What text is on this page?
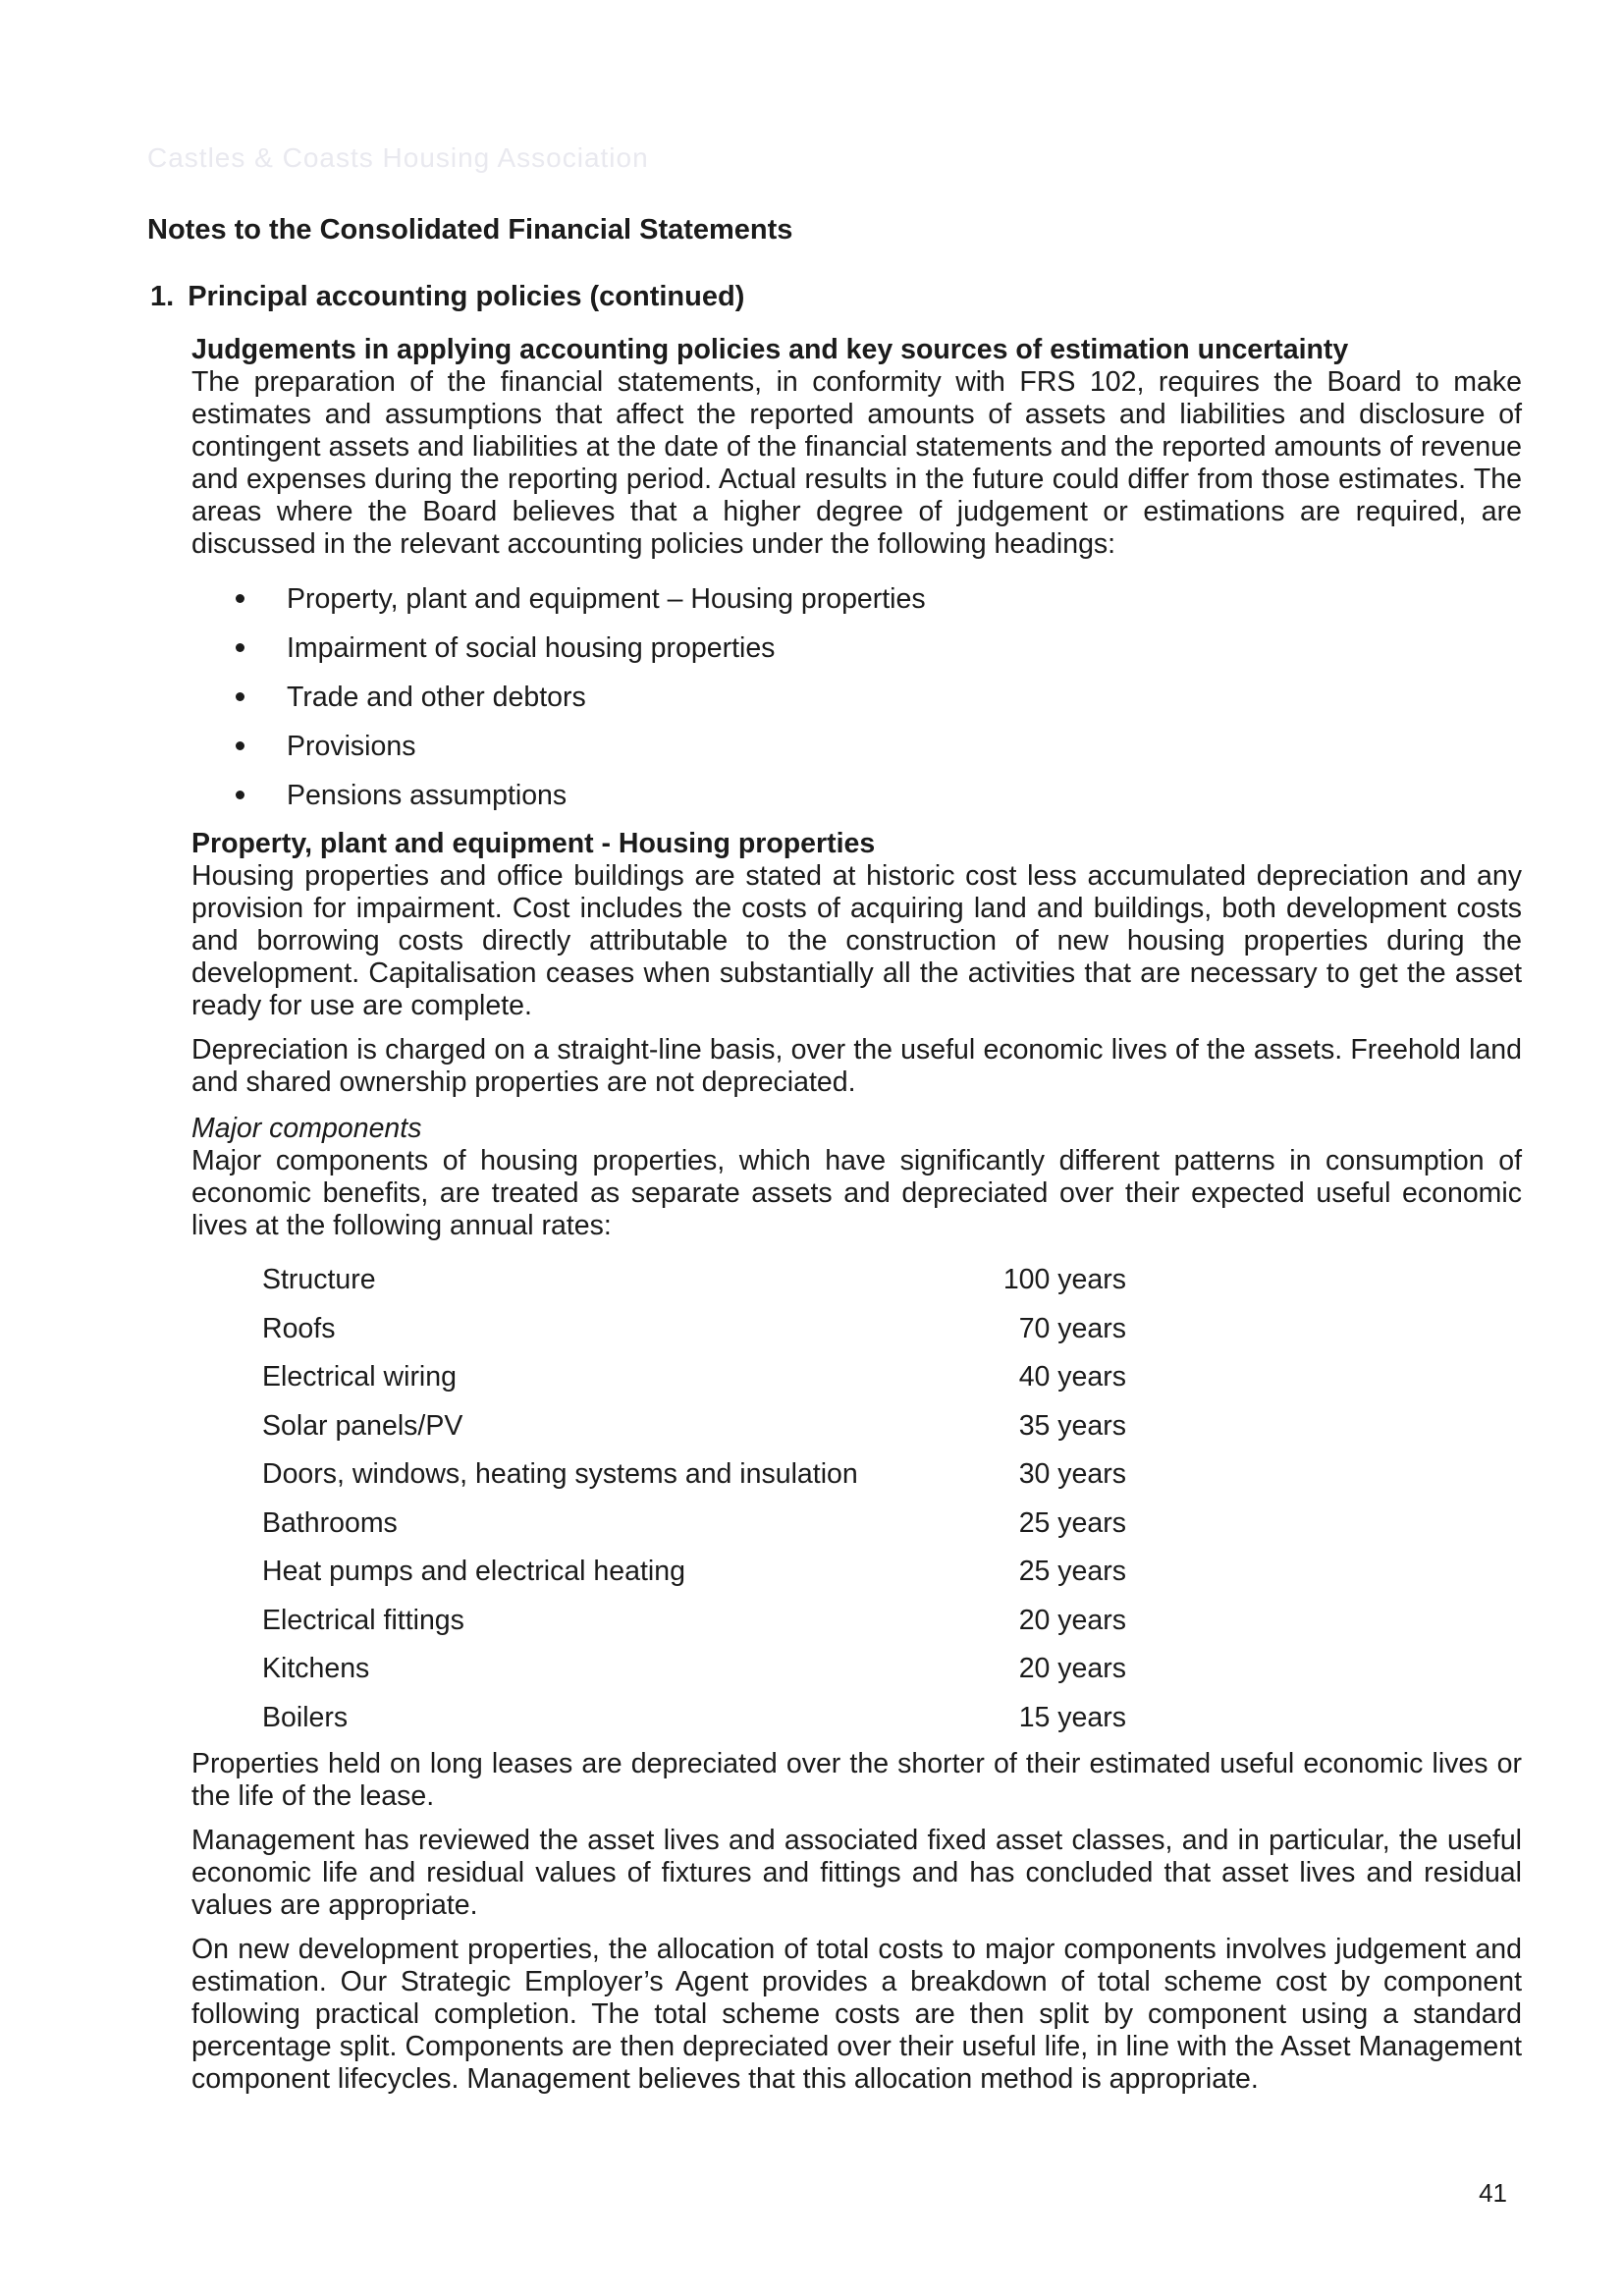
Castles & Coasts Housing Association
Notes to the Consolidated Financial Statements
1. Principal accounting policies (continued)

Judgements in applying accounting policies and key sources of estimation uncertainty

The preparation of the financial statements, in conformity with FRS 102, requires the Board to make estimates and assumptions that affect the reported amounts of assets and liabilities and disclosure of contingent assets and liabilities at the date of the financial statements and the reported amounts of revenue and expenses during the reporting period. Actual results in the future could differ from those estimates. The areas where the Board believes that a higher degree of judgement or estimations are required, are discussed in the relevant accounting policies under the following headings:

Property, plant and equipment – Housing properties
Impairment of social housing properties
Trade and other debtors
Provisions
Pensions assumptions

Property, plant and equipment - Housing properties

Housing properties and office buildings are stated at historic cost less accumulated depreciation and any provision for impairment. Cost includes the costs of acquiring land and buildings, both development costs and borrowing costs directly attributable to the construction of new housing properties during the development. Capitalisation ceases when substantially all the activities that are necessary to get the asset ready for use are complete.

Depreciation is charged on a straight-line basis, over the useful economic lives of the assets. Freehold land and shared ownership properties are not depreciated.

Major components

Major components of housing properties, which have significantly different patterns in consumption of economic benefits, are treated as separate assets and depreciated over their expected useful economic lives at the following annual rates:

Structure	100 years
Roofs	70 years
Electrical wiring	40 years
Solar panels/PV	35 years
Doors, windows, heating systems and insulation	30 years
Bathrooms	25 years
Heat pumps and electrical heating	25 years
Electrical fittings	20 years
Kitchens	20 years
Boilers	15 years

Properties held on long leases are depreciated over the shorter of their estimated useful economic lives or the life of the lease.

Management has reviewed the asset lives and associated fixed asset classes, and in particular, the useful economic life and residual values of fixtures and fittings and has concluded that asset lives and residual values are appropriate.

On new development properties, the allocation of total costs to major components involves judgement and estimation. Our Strategic Employer’s Agent provides a breakdown of total scheme cost by component following practical completion. The total scheme costs are then split by component using a standard percentage split. Components are then depreciated over their useful life, in line with the Asset Management component lifecycles. Management believes that this allocation method is appropriate.

41
